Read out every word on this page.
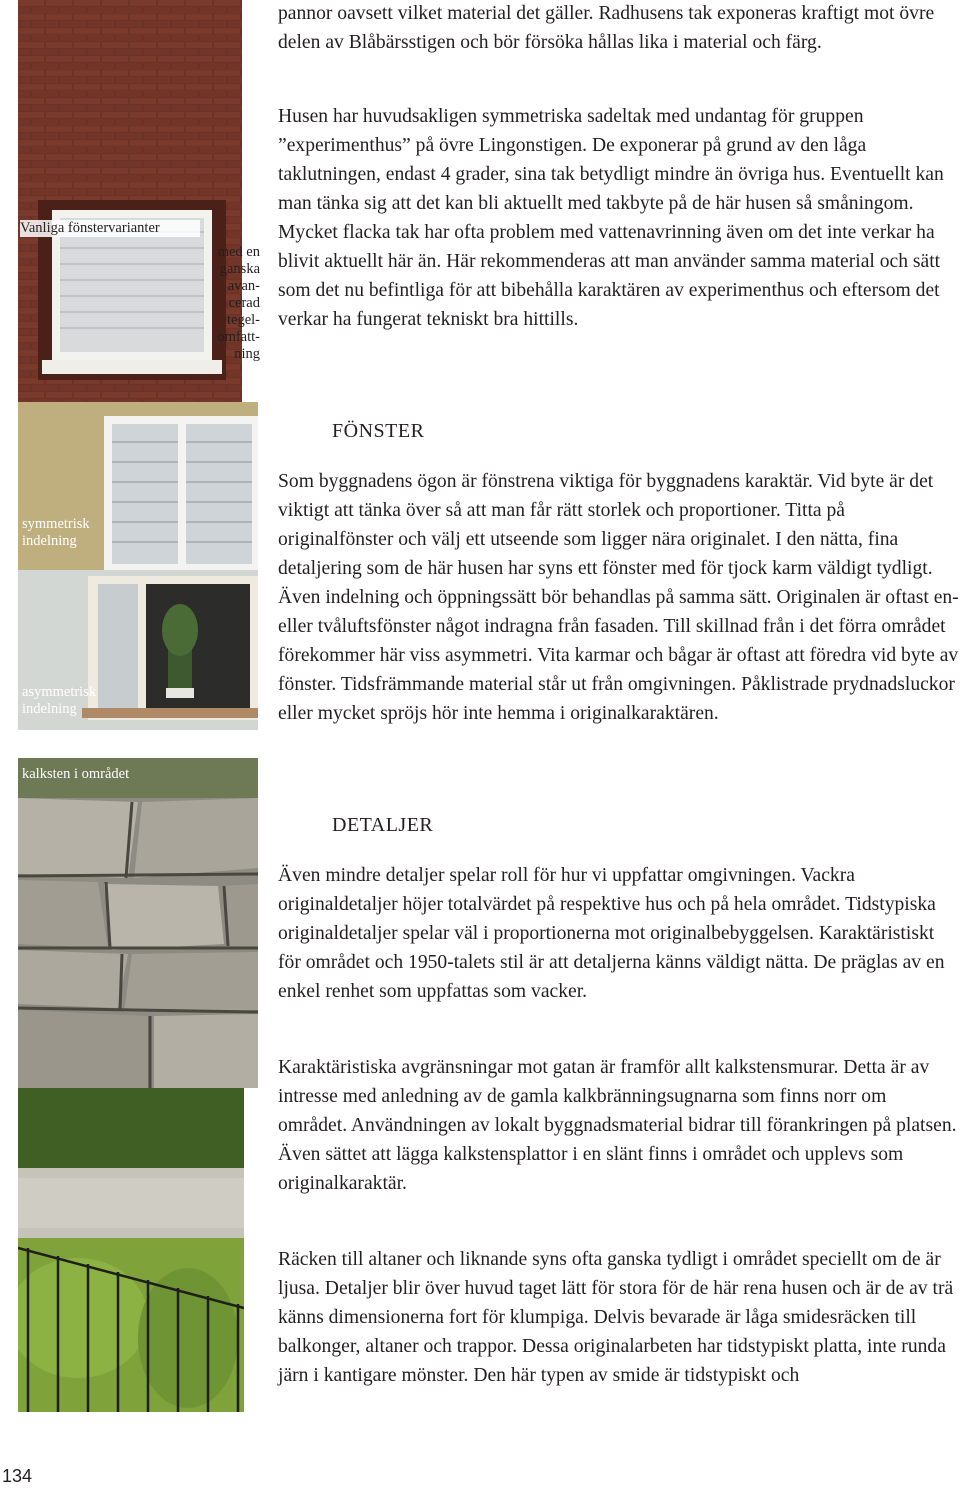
Vanliga fönstervarianter
med en ganska avan- cerad tegel- omfatt- ning
symmetrisk indelning
asymmetrisk indelning
kalksten i området

pannor oavsett vilket material det gäller. Radhusens tak exponeras kraftigt mot övre delen av Blåbärsstigen och bör försöka hållas lika i material och färg.

Husen har huvudsakligen symmetriska sadeltak med undantag för gruppen ”experimenthus” på övre Lingonstigen. De exponerar på grund av den låga taklutningen, endast 4 grader, sina tak betydligt mindre än övriga hus. Eventuellt kan man tänka sig att det kan bli aktuellt med takbyte på de här husen så småningom. Mycket flacka tak har ofta problem med vattenavrinning även om det inte verkar ha blivit aktuellt här än. Här rekommenderas att man använder samma material och sätt som det nu befintliga för att bibehålla karaktären av experimenthus och eftersom det verkar ha fungerat tekniskt bra hittills.

FÖNSTER

Som byggnadens ögon är fönstrena viktiga för byggnadens karaktär. Vid byte är det viktigt att tänka över så att man får rätt storlek och proportioner. Titta på originalfönster och välj ett utseende som ligger nära originalet. I den nätta, fina detaljering som de här husen har syns ett fönster med för tjock karm väldigt tydligt. Även indelning och öppningssätt bör behandlas på samma sätt. Originalen är oftast en- eller tvåluftsfönster något indragna från fasaden. Till skillnad från i det förra området förekommer här viss asymmetri. Vita karmar och bågar är oftast att föredra vid byte av fönster. Tidsfrämmande material står ut från omgivningen. Påklistrade prydnadsluckor eller mycket spröjs hör inte hemma i originalkaraktären.

DETALJER

Även mindre detaljer spelar roll för hur vi uppfattar omgivningen. Vackra originaldetaljer höjer totalvärdet på respektive hus och på hela området. Tidstypiska originaldetaljer spelar väl i proportionerna mot originalbebyggelsen. Karaktäristiskt för området och 1950-talets stil är att detaljerna känns väldigt nätta. De präglas av en enkel renhet som uppfattas som vacker.

Karaktäristiska avgränsningar mot gatan är framför allt kalkstensmurar. Detta är av intresse med anledning av de gamla kalkbränningsugnarna som finns norr om området. Användningen av lokalt byggnadsmaterial bidrar till förankringen på platsen. Även sättet att lägga kalkstensplattor i en slänt finns i området och upplevs som originalkaraktär.

Räcken till altaner och liknande syns ofta ganska tydligt i området speciellt om de är ljusa. Detaljer blir över huvud taget lätt för stora för de här rena husen och är de av trä känns dimensionerna fort för klumpiga. Delvis bevarade är låga smidesräcken till balkonger, altaner och trappor. Dessa originalarbeten har tidstypiskt platta, inte runda järn i kantigare mönster. Den här typen av smide är tidstypiskt och

134
